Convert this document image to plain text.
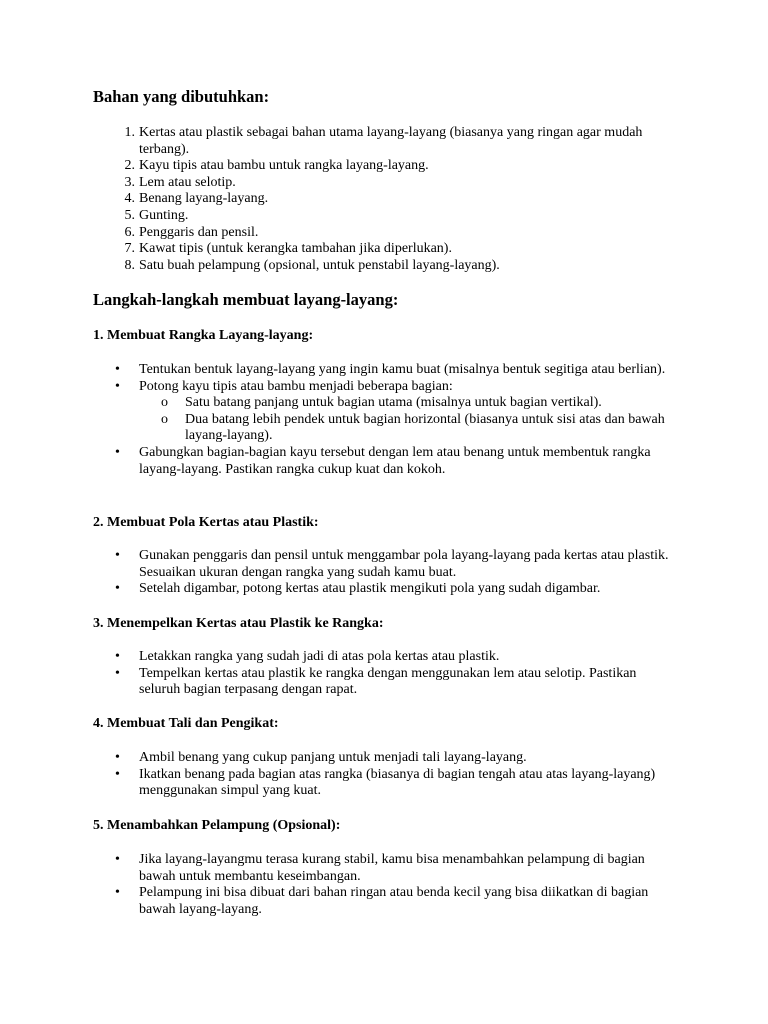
Bahan yang dibutuhkan:
1. Kertas atau plastik sebagai bahan utama layang-layang (biasanya yang ringan agar mudah terbang).
2. Kayu tipis atau bambu untuk rangka layang-layang.
3. Lem atau selotip.
4. Benang layang-layang.
5. Gunting.
6. Penggaris dan pensil.
7. Kawat tipis (untuk kerangka tambahan jika diperlukan).
8. Satu buah pelampung (opsional, untuk penstabil layang-layang).
Langkah-langkah membuat layang-layang:
1. Membuat Rangka Layang-layang:
• Tentukan bentuk layang-layang yang ingin kamu buat (misalnya bentuk segitiga atau berlian).
• Potong kayu tipis atau bambu menjadi beberapa bagian:
o Satu batang panjang untuk bagian utama (misalnya untuk bagian vertikal).
o Dua batang lebih pendek untuk bagian horizontal (biasanya untuk sisi atas dan bawah layang-layang).
• Gabungkan bagian-bagian kayu tersebut dengan lem atau benang untuk membentuk rangka layang-layang. Pastikan rangka cukup kuat dan kokoh.
2. Membuat Pola Kertas atau Plastik:
• Gunakan penggaris dan pensil untuk menggambar pola layang-layang pada kertas atau plastik. Sesuaikan ukuran dengan rangka yang sudah kamu buat.
• Setelah digambar, potong kertas atau plastik mengikuti pola yang sudah digambar.
3. Menempelkan Kertas atau Plastik ke Rangka:
• Letakkan rangka yang sudah jadi di atas pola kertas atau plastik.
• Tempelkan kertas atau plastik ke rangka dengan menggunakan lem atau selotip. Pastikan seluruh bagian terpasang dengan rapat.
4. Membuat Tali dan Pengikat:
• Ambil benang yang cukup panjang untuk menjadi tali layang-layang.
• Ikatkan benang pada bagian atas rangka (biasanya di bagian tengah atau atas layang-layang) menggunakan simpul yang kuat.
5. Menambahkan Pelampung (Opsional):
• Jika layang-layangmu terasa kurang stabil, kamu bisa menambahkan pelampung di bagian bawah untuk membantu keseimbangan.
• Pelampung ini bisa dibuat dari bahan ringan atau benda kecil yang bisa diikatkan di bagian bawah layang-layang.
